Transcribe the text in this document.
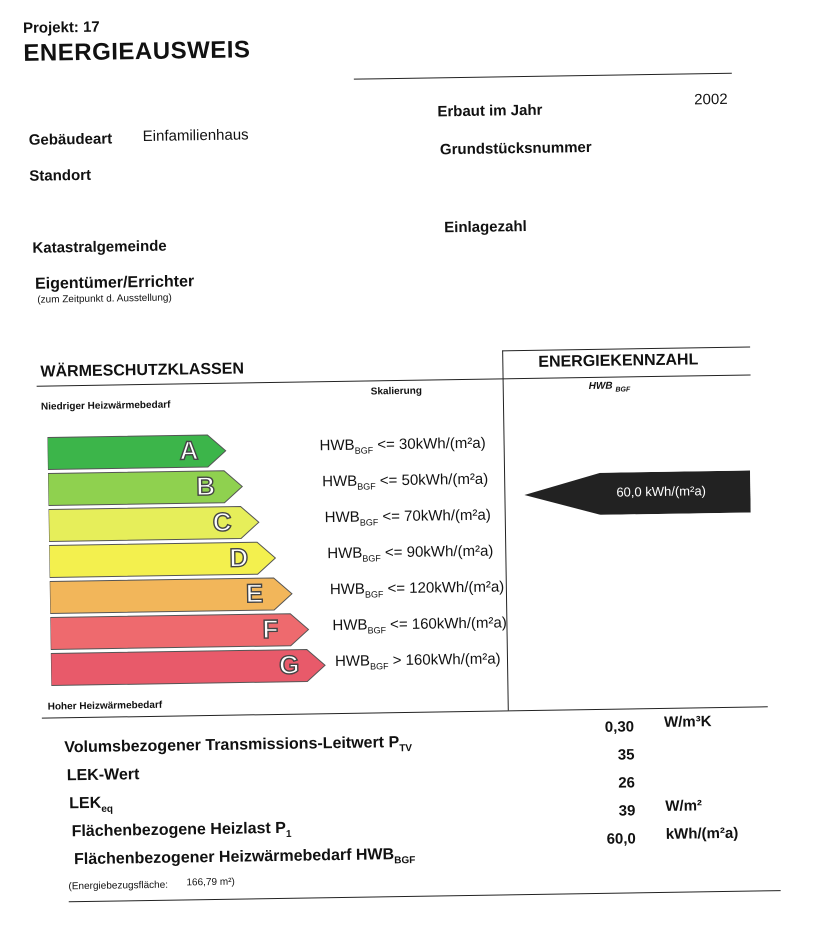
Projekt: 17
ENERGIEAUSWEIS
Gebäudeart Einfamilienhaus
Standort
Katastralgemeinde
Eigentümer/Errichter
(zum Zeitpunkt d. Ausstellung)
Erbaut im Jahr
2002
Grundstücksnummer
Einlagezahl
WÄRMESCHUTZKLASSEN
Niedriger Heizwärmebedarf
Skalierung
ENERGIEKENNZAHL
HWB $_{BGF}$
A	$HWB_{BGF} <= 30kWh/(m^2a)$
B	$HWB_{BGF} <= 50kWh/(m^2a)$
C	$HWB_{BGF} <= 70kWh/(m^2a)$
D	$HWB_{BGF} <= 90kWh/(m^2a)$
E	$HWB_{BGF} <= 120kWh/(m^2a)$
F	$HWB_{BGF} <= 160kWh/(m^2a)$
G $HWB_{BGF} > 160kWh/(m^2a)$
60,0 kWh/(m²a)
Hoher Heizwärmebedarf
Volumsbezogener Transmissions-Leitwert $P_{TV}$
0,30 W/m³K
LEK-Wert
35
$LEK_{eq}$
26
Flächenbezogene Heizlast $P_1$
39 W/m²
Flächenbezogener Heizwärmebedarf $HWB_{BGF}$
60,0 kWh/(m²a)
(Energiebezugsfläche: 166,79 m²)
